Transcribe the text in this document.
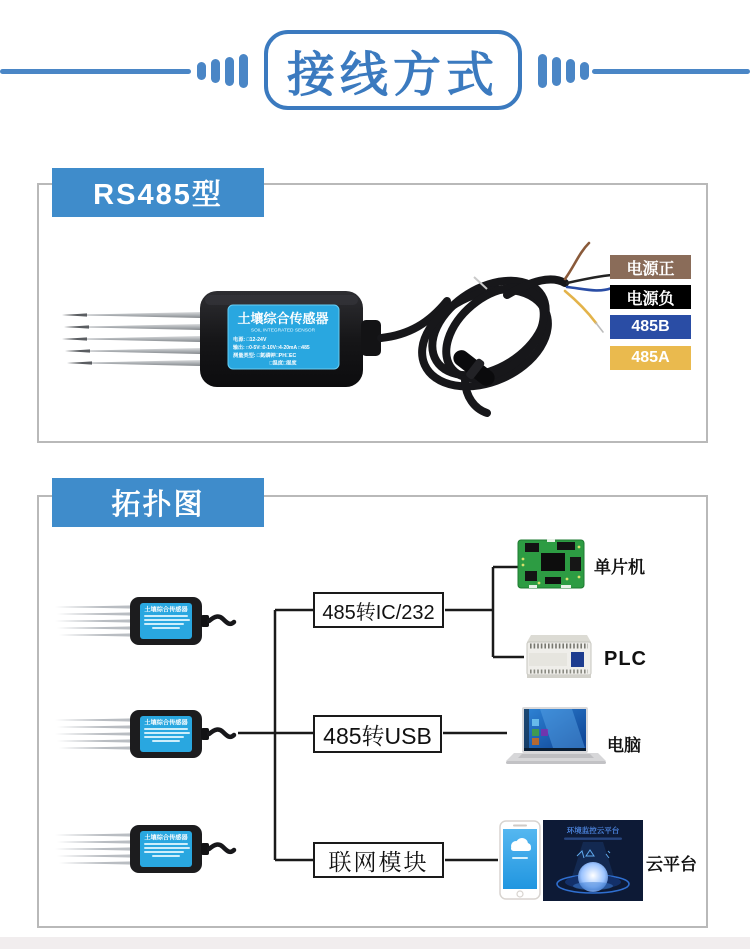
接线方式
RS485型
土壤综合传感器
SOIL INTEGRATED SENSOR
电源: □12-24V
输出: □0-5V□0-10V□4-20mA □485
测量类型: □氮磷钾□PH□EC
□温度□湿度
电源正
电源负
485B
485A
拓扑图
485转IC/232
485转USB
联网模块
单片机
PLC
电脑
环境监控云平台
云平台
